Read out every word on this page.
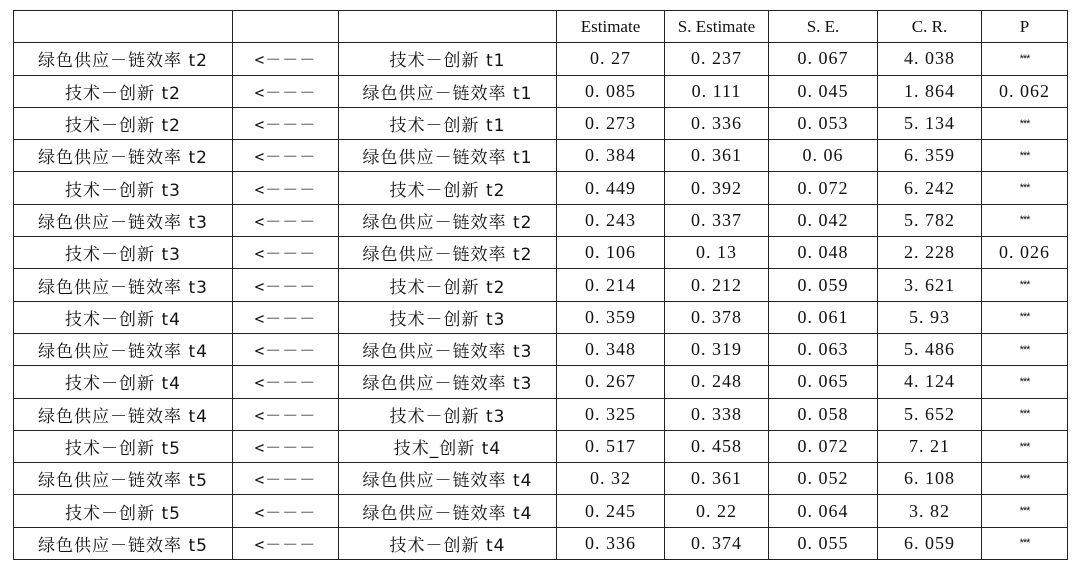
			Estimate	S. Estimate	S. E.	C. R.	P
绿色供应－链效率 t2	<－－－	技术－创新 t1	0. 27	0. 237	0. 067	4. 038	***
技术－创新 t2	<－－－	绿色供应－链效率 t1	0. 085	0. 111	0. 045	1. 864	0. 062
技术－创新 t2	<－－－	技术－创新 t1	0. 273	0. 336	0. 053	5. 134	***
绿色供应－链效率 t2	<－－－	绿色供应－链效率 t1	0. 384	0. 361	0. 06	6. 359	***
技术－创新 t3	<－－－	技术－创新 t2	0. 449	0. 392	0. 072	6. 242	***
绿色供应－链效率 t3	<－－－	绿色供应－链效率 t2	0. 243	0. 337	0. 042	5. 782	***
技术－创新 t3	<－－－	绿色供应－链效率 t2	0. 106	0. 13	0. 048	2. 228	0. 026
绿色供应－链效率 t3	<－－－	技术－创新 t2	0. 214	0. 212	0. 059	3. 621	***
技术－创新 t4	<－－－	技术－创新 t3	0. 359	0. 378	0. 061	5. 93	***
绿色供应－链效率 t4	<－－－	绿色供应－链效率 t3	0. 348	0. 319	0. 063	5. 486	***
技术－创新 t4	<－－－	绿色供应－链效率 t3	0. 267	0. 248	0. 065	4. 124	***
绿色供应－链效率 t4	<－－－	技术－创新 t3	0. 325	0. 338	0. 058	5. 652	***
技术－创新 t5	<－－－	技术_创新 t4	0. 517	0. 458	0. 072	7. 21	***
绿色供应－链效率 t5	<－－－	绿色供应－链效率 t4	0. 32	0. 361	0. 052	6. 108	***
技术－创新 t5	<－－－	绿色供应－链效率 t4	0. 245	0. 22	0. 064	3. 82	***
绿色供应－链效率 t5	<－－－	技术－创新 t4	0. 336	0. 374	0. 055	6. 059	***
